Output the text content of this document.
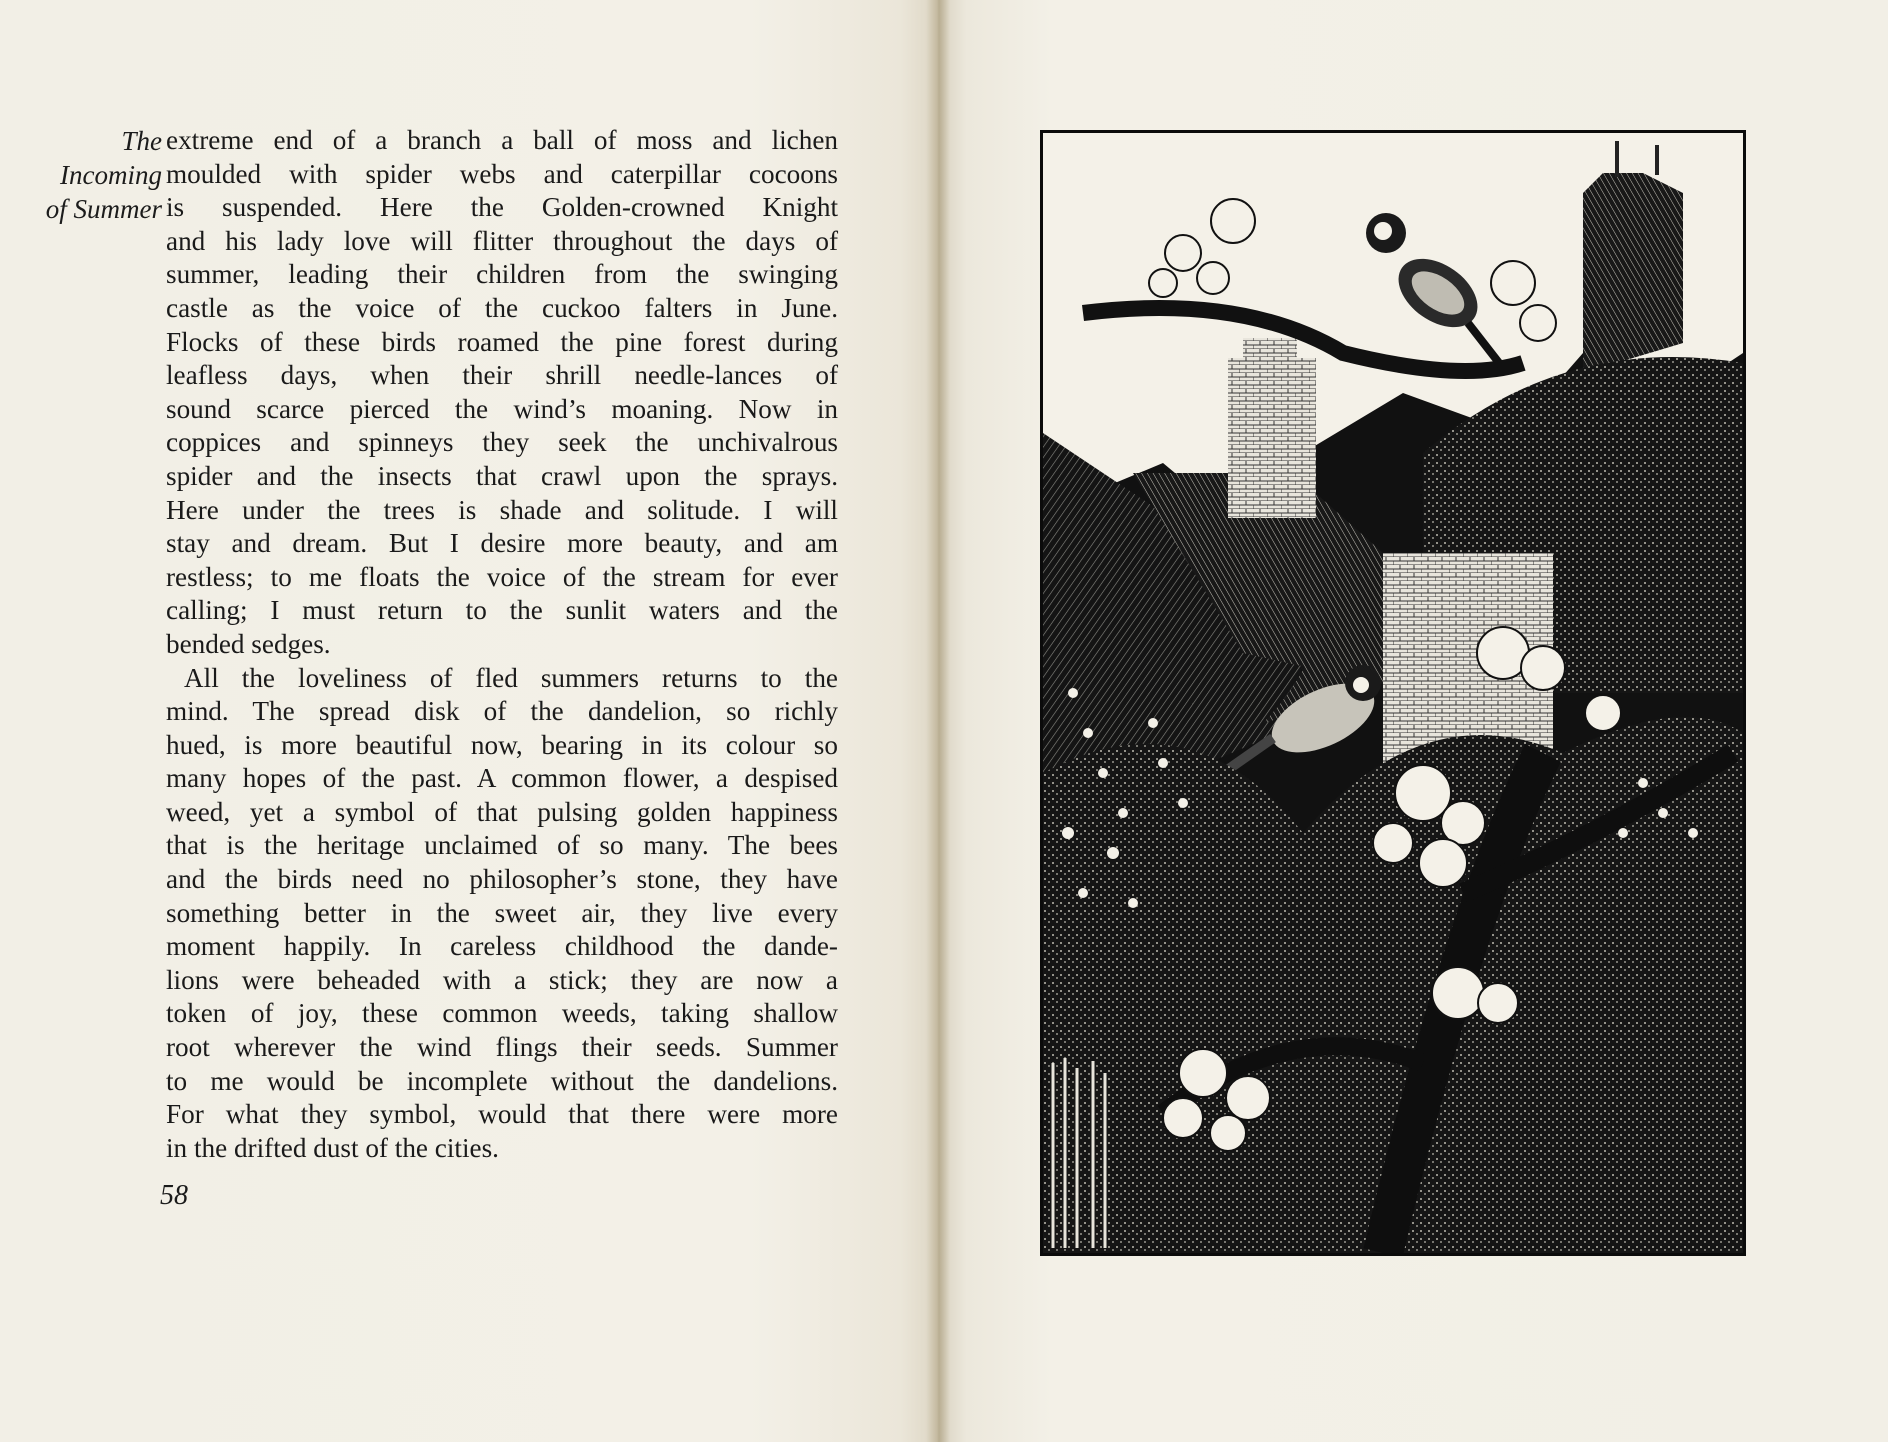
The
Incoming
of Summer
extreme end of a branch a ball of moss and lichen
moulded with spider webs and caterpillar cocoons
is suspended. Here the Golden-crowned Knight
and his lady love will flitter throughout the days of
summer, leading their children from the swinging
castle as the voice of the cuckoo falters in June.
Flocks of these birds roamed the pine forest during
leafless days, when their shrill needle-lances of
sound scarce pierced the wind’s moaning. Now in
coppices and spinneys they seek the unchivalrous
spider and the insects that crawl upon the sprays.
Here under the trees is shade and solitude. I will
stay and dream. But I desire more beauty, and am
restless; to me floats the voice of the stream for ever
calling; I must return to the sunlit waters and the
bended sedges.
All the loveliness of fled summers returns to the
mind. The spread disk of the dandelion, so richly
hued, is more beautiful now, bearing in its colour so
many hopes of the past. A common flower, a despised
weed, yet a symbol of that pulsing golden happiness
that is the heritage unclaimed of so many. The bees
and the birds need no philosopher’s stone, they have
something better in the sweet air, they live every
moment happily. In careless childhood the dande-
lions were beheaded with a stick; they are now a
token of joy, these common weeds, taking shallow
root wherever the wind flings their seeds. Summer
to me would be incomplete without the dandelions.
For what they symbol, would that there were more
in the drifted dust of the cities.
58
